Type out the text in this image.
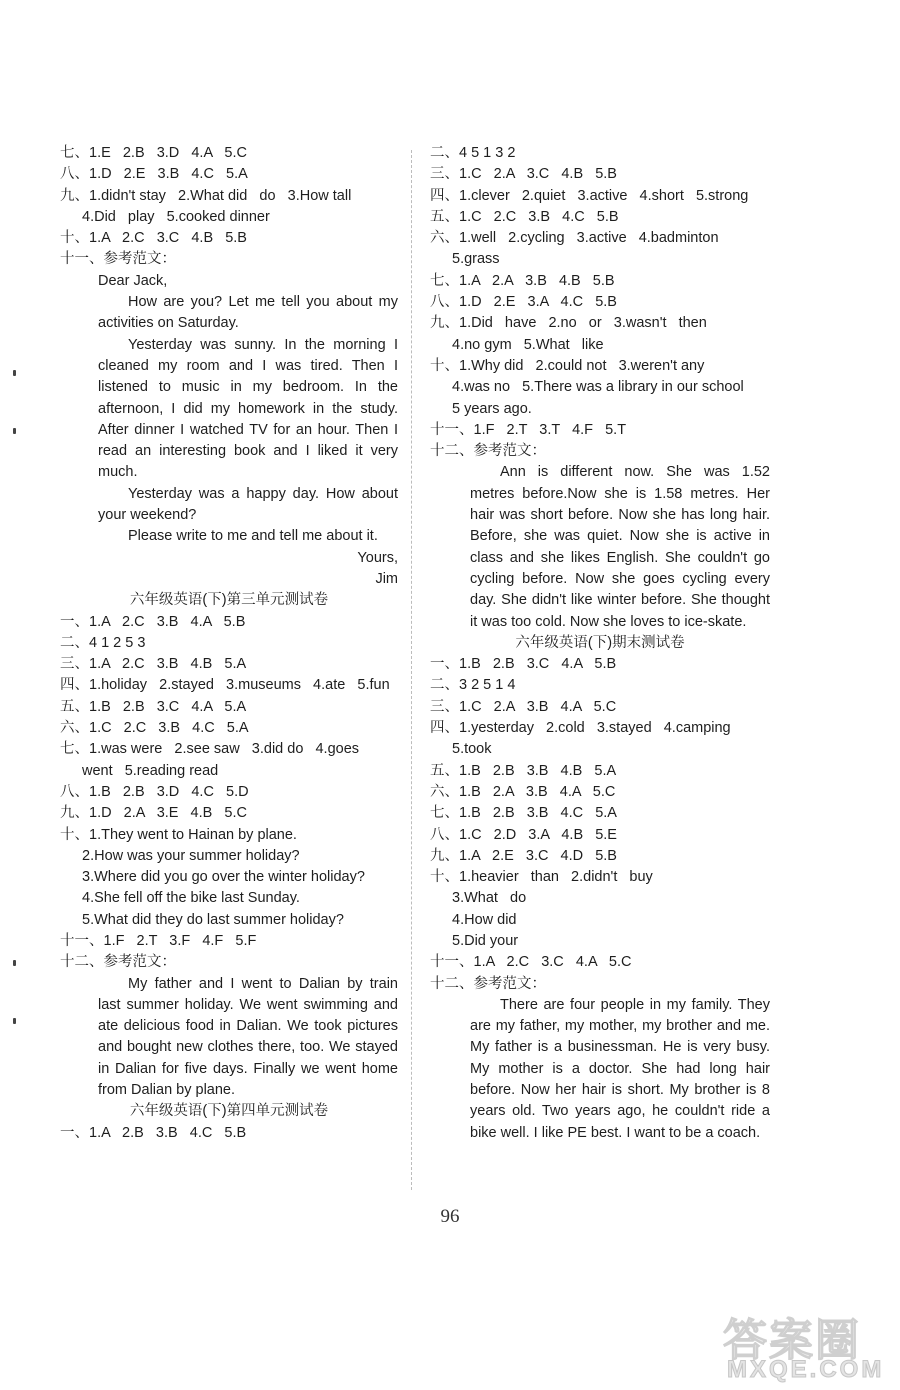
七、1.E   2.B   3.D   4.A   5.C
八、1.D   2.E   3.B   4.C   5.A
九、1.didn't stay   2.What did   do   3.How tall
4.Did   play   5.cooked dinner
十、1.A   2.C   3.C   4.B   5.B
十一、参考范文：
Dear Jack,
How are you? Let me tell you about my activities on Saturday.
Yesterday was sunny. In the morning I cleaned my room and I was tired. Then I listened to music in my bedroom. In the afternoon, I did my homework in the study. After dinner I watched TV for an hour. Then I read an interesting book and I liked it very much.
Yesterday was a happy day. How about your weekend?
Please write to me and tell me about it.
Yours,
Jim
六年级英语(下)第三单元测试卷
一、1.A   2.C   3.B   4.A   5.B
二、4 1 2 5 3
三、1.A   2.C   3.B   4.B   5.A
四、1.holiday   2.stayed   3.museums   4.ate   5.fun
五、1.B   2.B   3.C   4.A   5.A
六、1.C   2.C   3.B   4.C   5.A
七、1.was were   2.see saw   3.did do   4.goes
went   5.reading read
八、1.B   2.B   3.D   4.C   5.D
九、1.D   2.A   3.E   4.B   5.C
十、1.They went to Hainan by plane.
2.How was your summer holiday?
3.Where did you go over the winter holiday?
4.She fell off the bike last Sunday.
5.What did they do last summer holiday?
十一、1.F   2.T   3.F   4.F   5.F
十二、参考范文：
My father and I went to Dalian by train last summer holiday. We went swimming and ate delicious food in Dalian. We took pictures and bought new clothes there, too. We stayed in Dalian for five days. Finally we went home from Dalian by plane.
六年级英语(下)第四单元测试卷
一、1.A   2.B   3.B   4.C   5.B
二、4 5 1 3 2
三、1.C   2.A   3.C   4.B   5.B
四、1.clever   2.quiet   3.active   4.short   5.strong
五、1.C   2.C   3.B   4.C   5.B
六、1.well   2.cycling   3.active   4.badminton
5.grass
七、1.A   2.A   3.B   4.B   5.B
八、1.D   2.E   3.A   4.C   5.B
九、1.Did   have   2.no   or   3.wasn't   then
4.no gym   5.What   like
十、1.Why did   2.could not   3.weren't any
4.was no   5.There was a library in our school
5 years ago.
十一、1.F   2.T   3.T   4.F   5.T
十二、参考范文：
Ann is different now. She was 1.52 metres before.Now she is 1.58 metres. Her hair was short before. Now she has long hair. Before, she was quiet. Now she is active in class and she likes English. She couldn't go cycling before. Now she goes cycling every day. She didn't like winter before. She thought it was too cold. Now she loves to ice-skate.
六年级英语(下)期末测试卷
一、1.B   2.B   3.C   4.A   5.B
二、3 2 5 1 4
三、1.C   2.A   3.B   4.A   5.C
四、1.yesterday   2.cold   3.stayed   4.camping
5.took
五、1.B   2.B   3.B   4.B   5.A
六、1.B   2.A   3.B   4.A   5.C
七、1.B   2.B   3.B   4.C   5.A
八、1.C   2.D   3.A   4.B   5.E
九、1.A   2.E   3.C   4.D   5.B
十、1.heavier   than   2.didn't   buy
3.What   do
4.How did
5.Did your
十一、1.A   2.C   3.C   4.A   5.C
十二、参考范文：
There are four people in my family. They are my father, my mother, my brother and me. My father is a businessman. He is very busy. My mother is a doctor. She had long hair before. Now her hair is short. My brother is 8 years old. Two years ago, he couldn't ride a bike well. I like PE best. I want to be a coach.
96
答案圈
MXQE.COM
